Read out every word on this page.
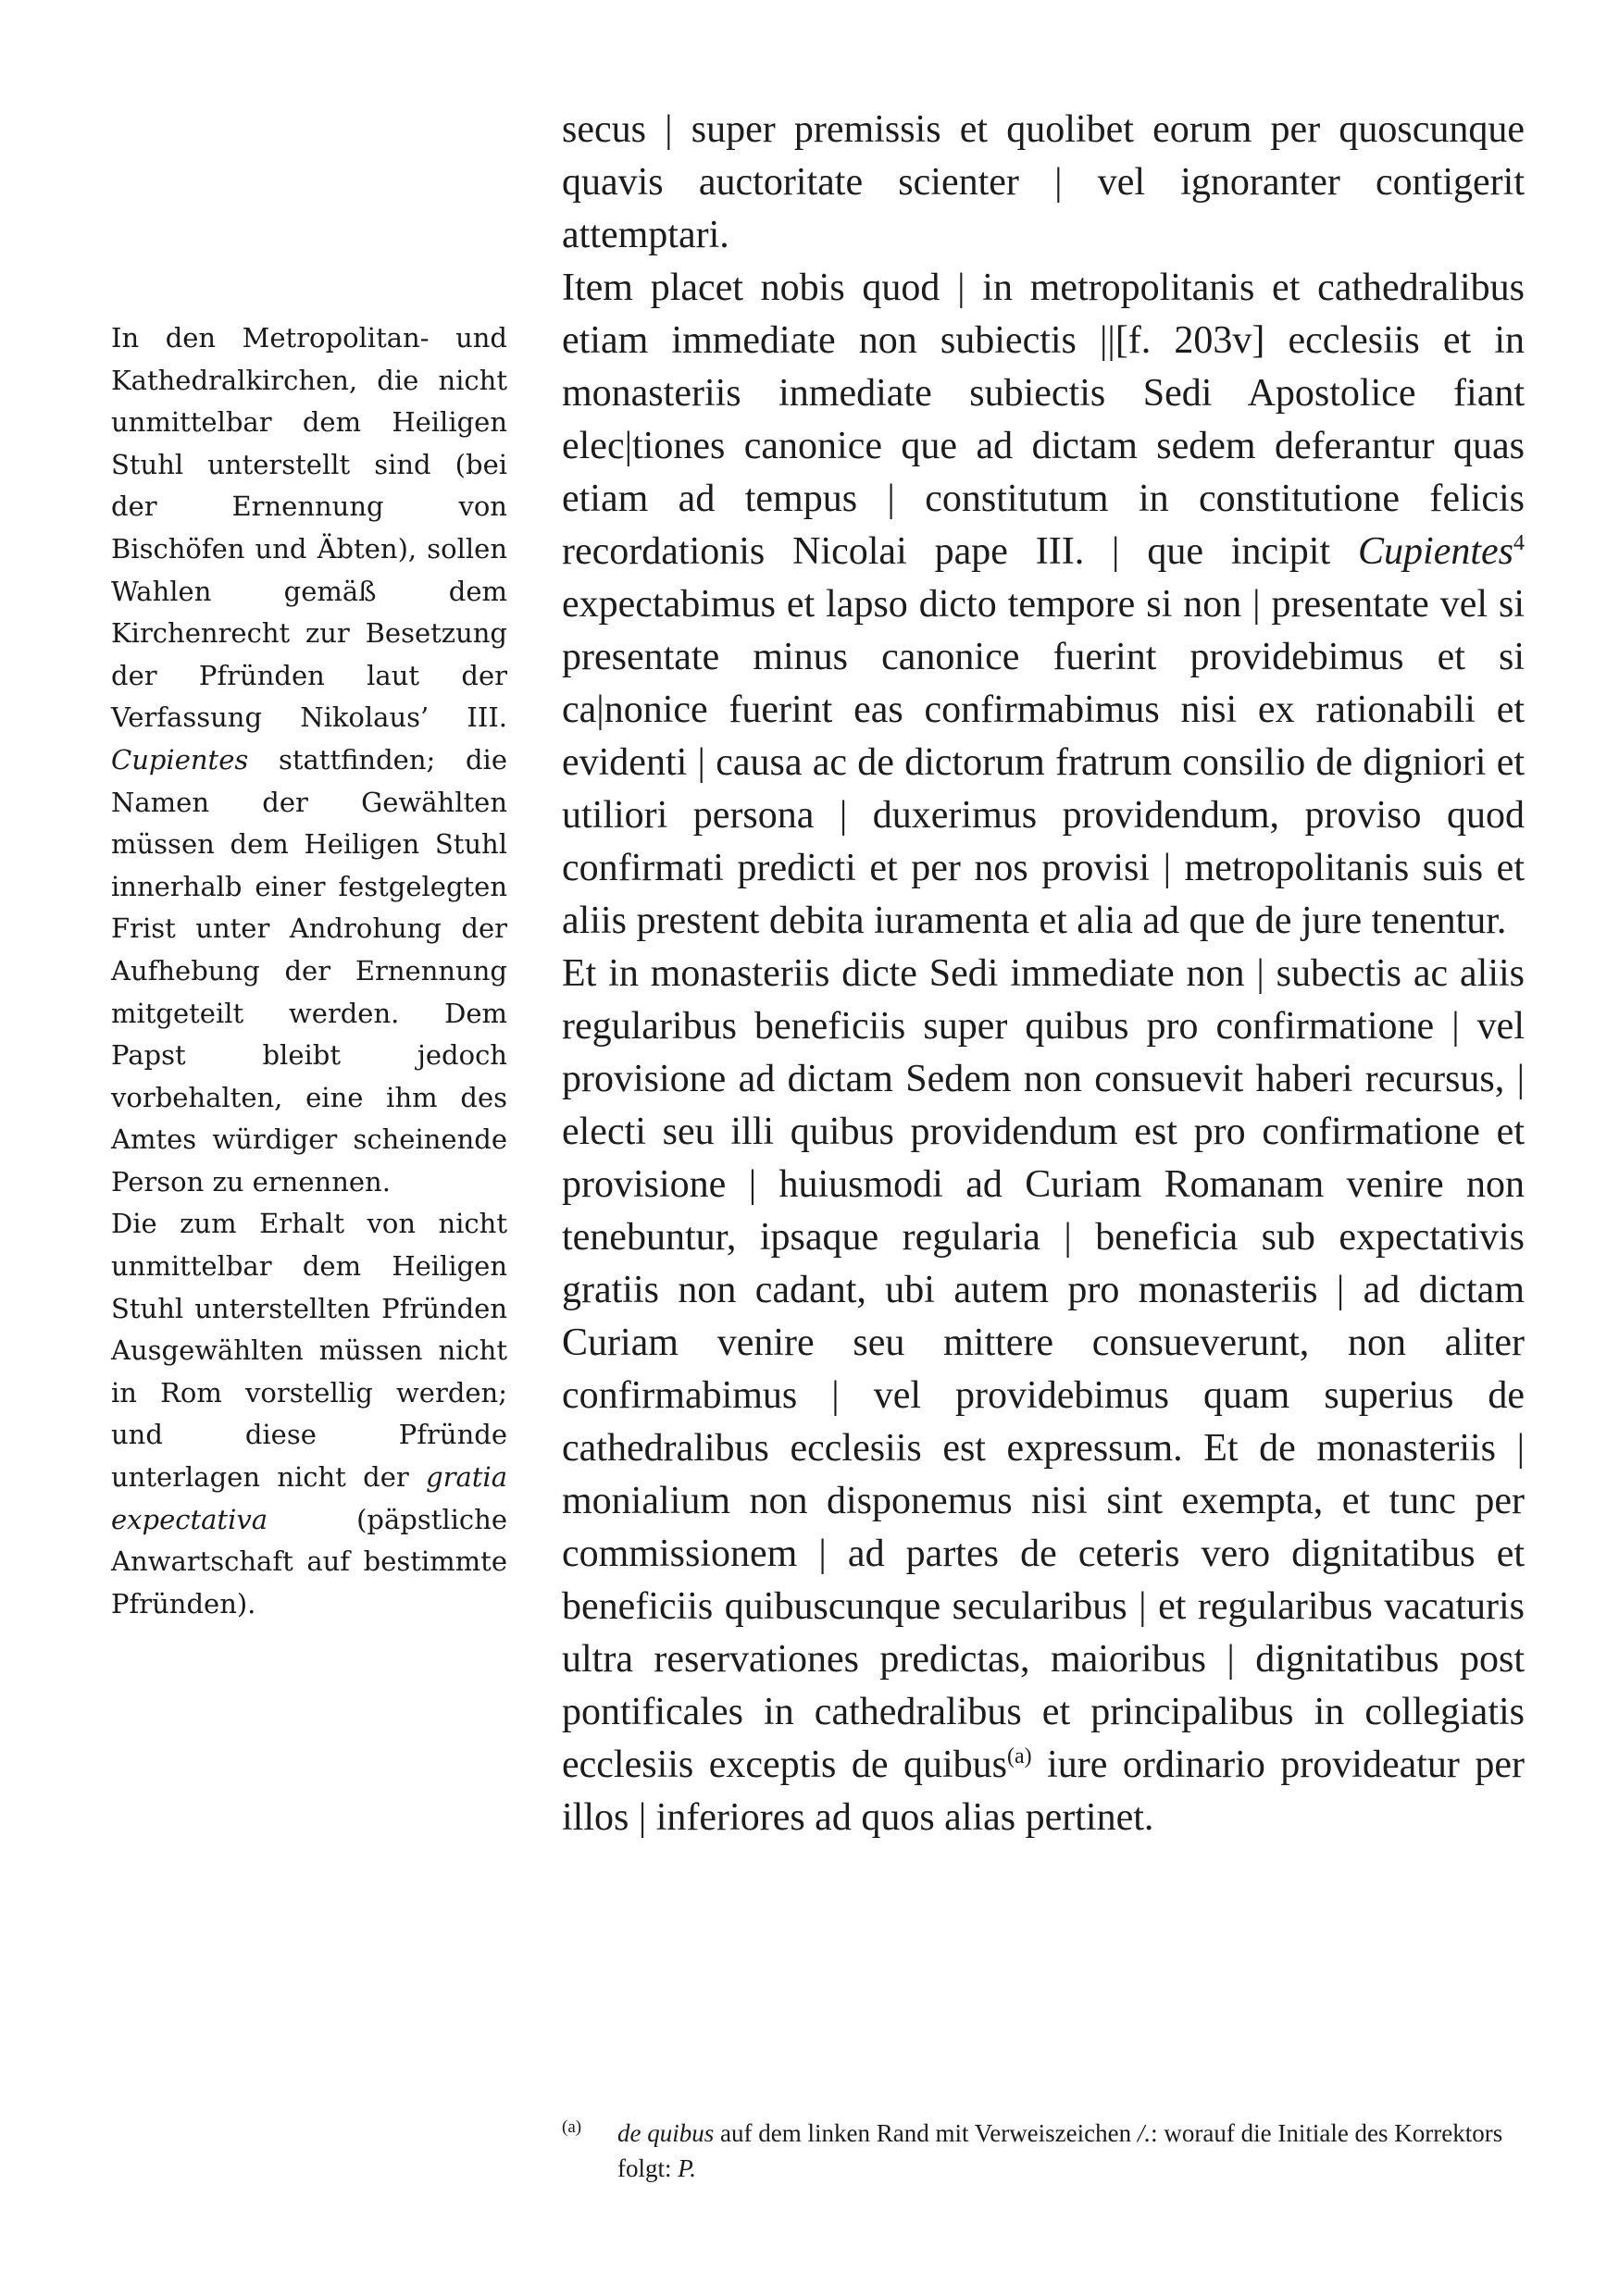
In den Metropolitan- und Kathedralkirchen, die nicht unmittelbar dem Heiligen Stuhl unterstellt sind (bei der Ernennung von Bischöfen und Äbten), sollen Wahlen gemäß dem Kirchenrecht zur Besetzung der Pfründen laut der Verfassung Nikolaus’ III. Cupientes stattfinden; die Namen der Gewählten müssen dem Heiligen Stuhl innerhalb einer festgelegten Frist unter Androhung der Aufhebung der Ernennung mitgeteilt werden. Dem Papst bleibt jedoch vorbehalten, eine ihm des Amtes würdiger scheinende Person zu ernennen.

Die zum Erhalt von nicht unmittelbar dem Heiligen Stuhl unterstellten Pfründen Ausgewählten müssen nicht in Rom vorstellig werden; und diese Pfründe unterlagen nicht der gratia expectativa (päpstliche Anwartschaft auf bestimmte Pfründen).

secus | super premissis et quolibet eorum per quoscunque quavis auctoritate scienter | vel ignoranter contigerit attemptari.

Item placet nobis quod | in metropolitanis et cathedralibus etiam immediate non subiectis ||[f. 203v] ecclesiis et in monasteriis inmediate subiectis Sedi Apostolice fiant elec|tiones canonice que ad dictam sedem deferantur quas etiam ad tempus | constitutum in constitutione felicis recordationis Nicolai pape III. | que incipit Cupientes$^4$ expectabimus et lapso dicto tempore si non | presentate vel si presentate minus canonice fuerint providebimus et si ca|nonice fuerint eas confirmabimus nisi ex rationabili et evidenti | causa ac de dictorum fratrum consilio de digniori et utiliori persona | duxerimus providendum, proviso quod confirmati predicti et per nos provisi | metropolitanis suis et aliis prestent debita iuramenta et alia ad que de jure tenentur.

Et in monasteriis dicte Sedi immediate non | subectis ac aliis regularibus beneficiis super quibus pro confirmatione | vel provisione ad dictam Sedem non consuevit haberi recursus, | electi seu illi quibus providendum est pro confirmatione et provisione | huiusmodi ad Curiam Romanam venire non tenebuntur, ipsaque regularia | beneficia sub expectativis gratiis non cadant, ubi autem pro monasteriis | ad dictam Curiam venire seu mittere consueverunt, non aliter confirmabimus | vel providebimus quam superius de cathedralibus ecclesiis est expressum. Et de monasteriis | monialium non disponemus nisi sint exempta, et tunc per commissionem | ad partes de ceteris vero dignitatibus et beneficiis quibuscunque secularibus | et regularibus vacaturis ultra reservationes predictas, maioribus | dignitatibus post pontificales in cathedralibus et principalibus in collegiatis ecclesiis exceptis de quibus$^{(a)}$ iure ordinario provideatur per illos | inferiores ad quos alias pertinet.

(a) de quibus auf dem linken Rand mit Verweiszeichen /.: worauf die Initiale des Korrektors folgt: P.
